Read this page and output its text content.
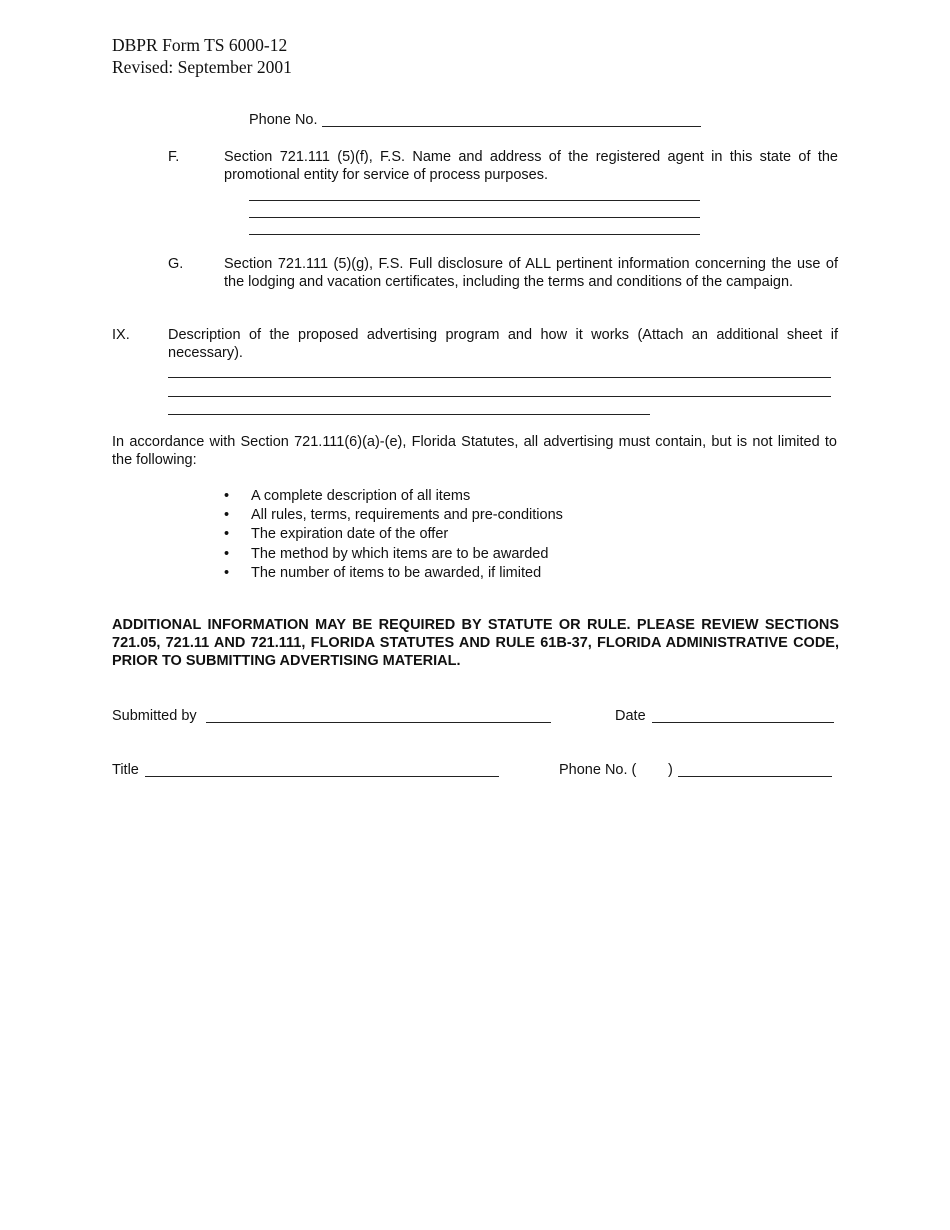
DBPR Form TS 6000-12
Revised: September 2001
Phone No.
F.	Section 721.111 (5)(f), F.S. Name and address of the registered agent in this state of the promotional entity for service of process purposes.
G.	Section 721.111 (5)(g), F.S. Full disclosure of ALL pertinent information concerning the use of the lodging and vacation certificates, including the terms and conditions of the campaign.
IX.	Description of the proposed advertising program and how it works (Attach an additional sheet if necessary).
In accordance with Section 721.111(6)(a)-(e), Florida Statutes, all advertising must contain, but is not limited to the following:
• A complete description of all items
• All rules, terms, requirements and pre-conditions
• The expiration date of the offer
• The method by which items are to be awarded
• The number of items to be awarded, if limited
ADDITIONAL INFORMATION MAY BE REQUIRED BY STATUTE OR RULE. PLEASE REVIEW SECTIONS 721.05, 721.11 AND 721.111, FLORIDA STATUTES AND RULE 61B-37, FLORIDA ADMINISTRATIVE CODE, PRIOR TO SUBMITTING ADVERTISING MATERIAL.
Submitted by	Date
Title	Phone No. ( )
